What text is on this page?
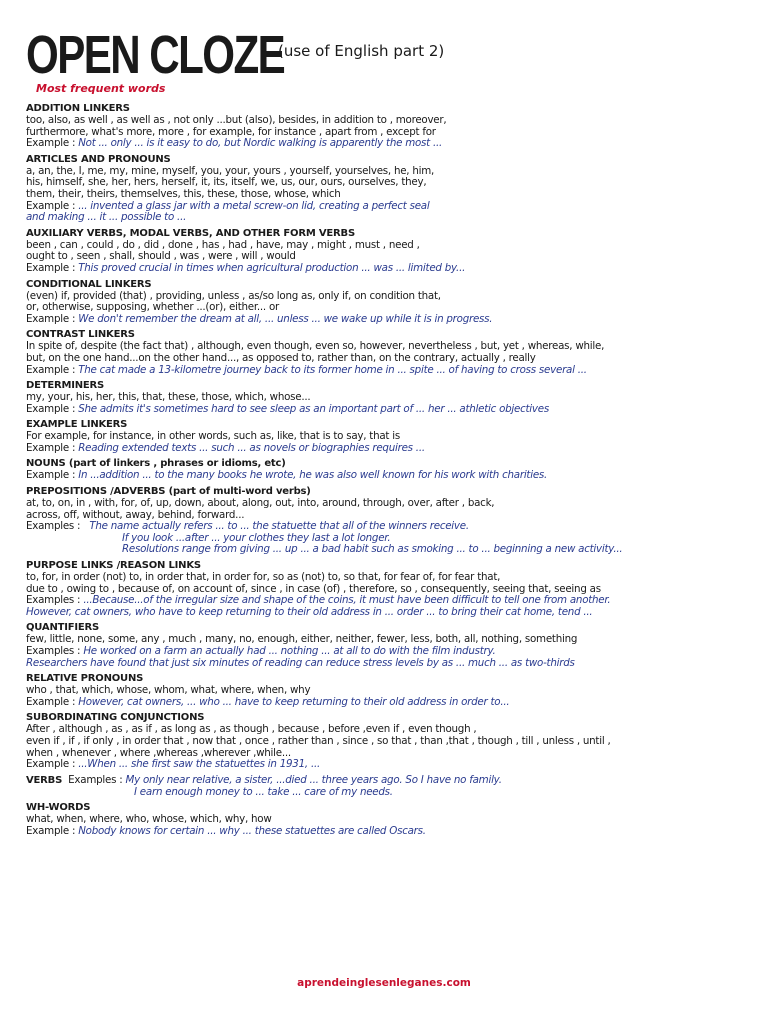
OPEN CLOZE
(use of English part 2)
Most frequent words
ADDITION LINKERS
too, also, as well , as well as , not only ...but (also), besides, in addition to , moreover,
furthermore, what's more, more , for example, for instance , apart from , except for
Example :
Not ... only ... is it easy to do, but Nordic walking is apparently the most ...
ARTICLES AND PRONOUNS
a, an, the, I, me, my, mine, myself, you, your, yours , yourself, yourselves, he, him,
his, himself, she, her, hers, herself, it, its, itself, we, us, our, ours, ourselves, they,
them, their, theirs, themselves, this, these, those, whose, which
Example :
... invented a glass jar with a metal screw-on lid, creating a perfect seal
and making ... it ... possible to ...
AUXILIARY VERBS, MODAL VERBS, AND OTHER FORM VERBS
been , can , could , do , did , done , has , had , have, may , might , must , need ,
ought to , seen , shall, should , was , were , will , would
Example :
This proved crucial in times when agricultural production ... was ... limited by...
CONDITIONAL LINKERS
(even) if, provided (that) , providing, unless , as/so long as, only if, on condition that,
or, otherwise, supposing, whether ...(or), either... or
Example :
We don't remember the dream at all, ... unless ... we wake up while it is in progress.
CONTRAST LINKERS
In spite of, despite (the fact that) , although, even though, even so, however, nevertheless , but, yet , whereas, while,
but, on the one hand...on the other hand..., as opposed to, rather than, on the contrary, actually , really
Example :
The cat made a 13-kilometre journey back to its former home in ... spite ... of having to cross several ...
DETERMINERS
my, your, his, her, this, that, these, those, which, whose...
Example :
She admits it's sometimes hard to see sleep as an important part of ... her ... athletic objectives
EXAMPLE LINKERS
For example, for instance, in other words, such as, like, that is to say, that is
Example :
Reading extended texts ... such ... as novels or biographies requires ...
NOUNS (part of linkers , phrases or idioms, etc)
Example :
In ...addition ... to the many books he wrote, he was also well known for his work with charities.
PREPOSITIONS /ADVERBS (part of multi-word verbs)
at, to, on, in , with, for, of, up, down, about, along, out, into, around, through, over, after , back,
across, off, without, away, behind, forward...
Examples :
The name actually refers ... to ... the statuette that all of the winners receive.
If you look ...after ... your clothes they last a lot longer.
Resolutions range from giving ... up ... a bad habit such as smoking ... to ... beginning a new activity...
PURPOSE LINKS /REASON LINKS
to, for, in order (not) to, in order that, in order for, so as (not) to, so that, for fear of, for fear that,
due to , owing to , because of, on account of, since , in case (of) , therefore, so , consequently, seeing that, seeing as
Examples :
...Because...of the irregular size and shape of the coins, it must have been difficult to tell one from another.
However, cat owners, who have to keep returning to their old address in ... order ... to bring their cat home, tend ...
QUANTIFIERS
few, little, none, some, any , much , many, no, enough, either, neither, fewer, less, both, all, nothing, something
Examples :
He worked on a farm an actually had ... nothing ... at all to do with the film industry.
Researchers have found that just six minutes of reading can reduce stress levels by as ... much ... as two-thirds
RELATIVE PRONOUNS
who , that, which, whose, whom, what, where, when, why
Example :
However, cat owners, ... who ... have to keep returning to their old address in order to...
SUBORDINATING CONJUNCTIONS
After , although , as , as if , as long as , as though , because , before ,even if , even though ,
even if , if , if only , in order that , now that , once , rather than , since , so that , than ,that , though , till , unless , until ,
when , whenever , where ,whereas ,wherever ,while...
Example :
...When ... she first saw the statuettes in 1931, ...
VERBS
Examples :
My only near relative, a sister, ...died ... three years ago. So I have no family.
I earn enough money to ... take ... care of my needs.
WH-WORDS
what, when, where, who, whose, which, why, how
Example :
Nobody knows for certain ... why ... these statuettes are called Oscars.
aprendeinglesenleganes.com
